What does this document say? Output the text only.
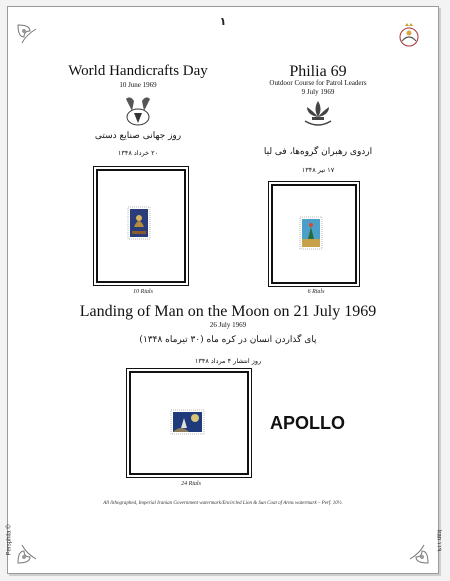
۱
World Handicrafts Day
10 June 1969
روز جهانی صنایع دستی
۲۰ خرداد ۱۳۴۸
10 Rials
Philia 69
Outdoor Course for Patrol Leaders
9 July 1969
اردوی رهبران گروه‌ها، فی لیا
۱۷ تیر ۱۳۴۸
6 Rials
Landing of Man on the Moon on 21 July 1969
26 July 1969
پای گذاردن انسان در کره ماه (۳۰ تیرماه ۱۳۴۸)
روز انتشار ۴ مرداد ۱۳۴۸
24 Rials
APOLLO
All lithographed, Imperial Iranian Government watermark/Encircled Lion & Sun Coat of Arms watermark – Perf. 10½.
Persphila ©	Iran ۱۱۹
